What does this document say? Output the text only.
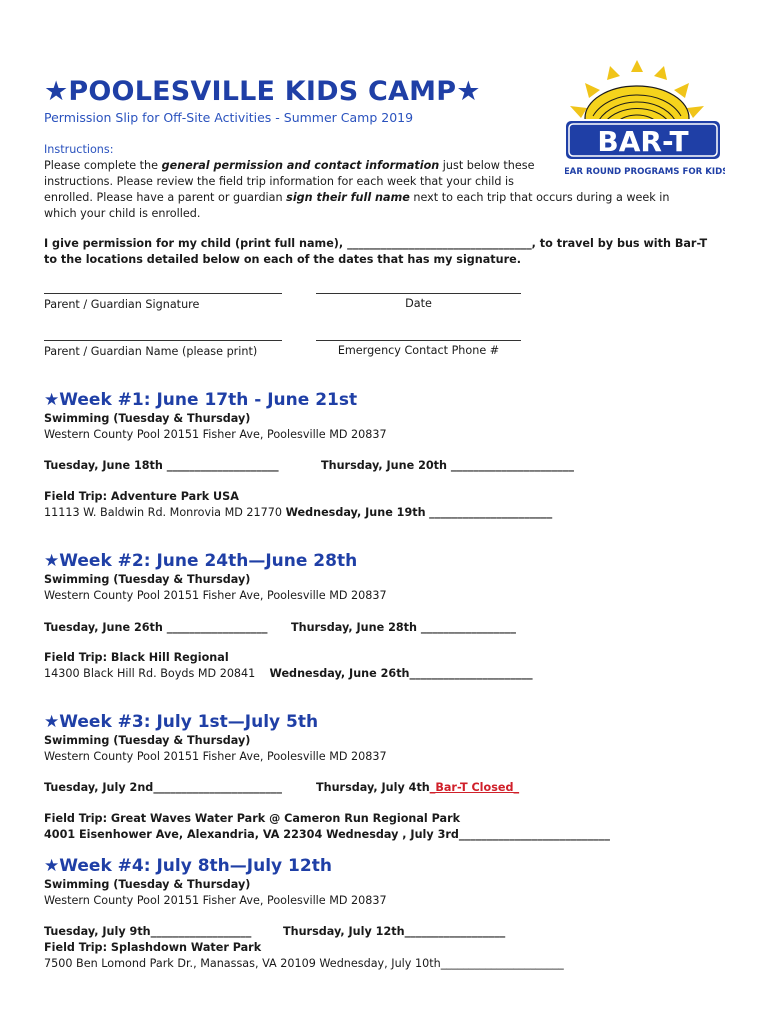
★POOLESVILLE KIDS CAMP★
Permission Slip for Off-Site Activities - Summer Camp 2019
BAR-T
YEAR ROUND PROGRAMS FOR KIDS
Instructions:
Please complete the general permission and contact information just below these
instructions. Please review the field trip information for each week that your child is
enrolled. Please have a parent or guardian sign their full name next to each trip that occurs during a week in
which your child is enrolled.
I give permission for my child (print full name), _________________________________, to travel by bus with Bar-T
to the locations detailed below on each of the dates that has my signature.
Parent / Guardian Signature	Date
Parent / Guardian Name (please print)	Emergency Contact Phone #
★Week #1: June 17th - June 21st
Swimming (Tuesday & Thursday)
Western County Pool 20151 Fisher Ave, Poolesville MD 20837
Tuesday, June 18th ____________________	Thursday, June 20th ______________________
Field Trip: Adventure Park USA
11113 W. Baldwin Rd. Monrovia MD 21770 Wednesday, June 19th ______________________
★Week #2: June 24th—June 28th
Swimming (Tuesday & Thursday)
Western County Pool 20151 Fisher Ave, Poolesville MD 20837
Tuesday, June 26th __________________ Thursday, June 28th _________________
Field Trip: Black Hill Regional
14300 Black Hill Rd. Boyds MD 20841 Wednesday, June 26th______________________
★Week #3: July 1st—July 5th
Swimming (Tuesday & Thursday)
Western County Pool 20151 Fisher Ave, Poolesville MD 20837
Tuesday, July 2nd_______________________	Thursday, July 4th_Bar-T Closed_
Field Trip: Great Waves Water Park @ Cameron Run Regional Park
4001 Eisenhower Ave, Alexandria, VA 22304 Wednesday , July 3rd___________________________
★Week #4: July 8th—July 12th
Swimming (Tuesday & Thursday)
Western County Pool 20151 Fisher Ave, Poolesville MD 20837
Tuesday, July 9th__________________	Thursday, July 12th__________________
Field Trip: Splashdown Water Park
7500 Ben Lomond Park Dr., Manassas, VA 20109 Wednesday, July 10th______________________
